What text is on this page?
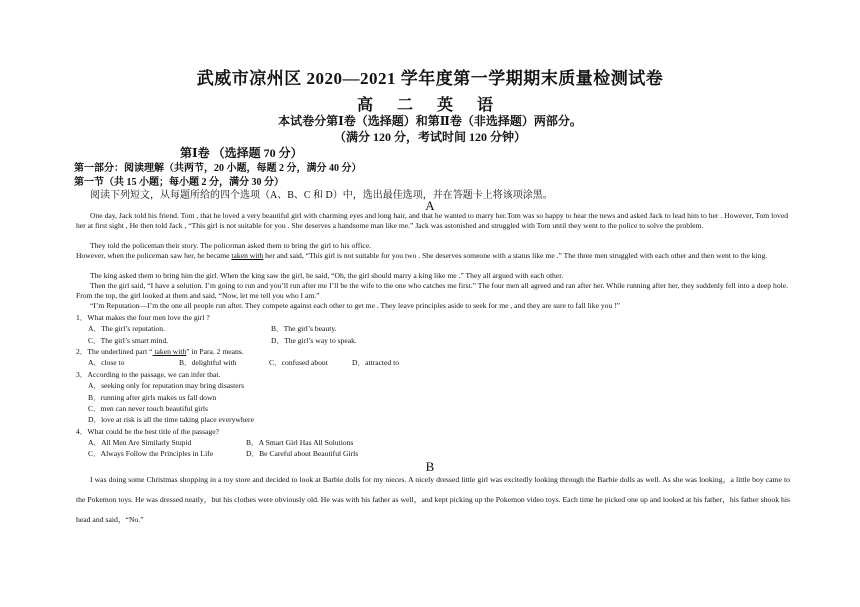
武威市凉州区 2020—2021 学年度第一学期期末质量检测试卷
高 二 英 语
本试卷分第Ⅰ卷（选择题）和第Ⅱ卷（非选择题）两部分。
（满分 120 分，考试时间 120 分钟）
第Ⅰ卷 （选择题 70 分）
第一部分：阅读理解（共两节，20 小题，每题 2 分，满分 40 分）
第一节（共 15 小题；每小题 2 分，满分 30 分）
阅读下列短文，从每题所给的四个选项（A、B、C 和 D）中，选出最佳选项，并在答题卡上将该项涂黑。
A
One day, Jack told his friend. Tom , that he loved a very beautiful girl with charming eyes and long hair, and that he wanted to marry her.Tom was so happy to hear the news and asked Jack to lead him to her . However, Tom loved her at first sight , He then told Jack , “This girl is not suitable for you . She deserves a handsome man like me.” Jack was astonished and struggled with Tom until they went to the police to solve the problem.
They told the policeman their story. The policeman asked them to bring the girl to his office.
However, when the policeman saw her, he became taken with her and said, “This girl is not suitable for you two . She deserves someone with a status like me .” The three men struggled with each other and then went to the king.
The king asked them to bring him the girl. When the king saw the girl, he said, “Oh, the girl should marry a king like me .” They all argued with each other.
Then the girl said, “I have a solution. I’m going to run and you’ll run after me I’ll be the wife to the one who catches me first.” The four men all agreed and ran after her. While running after her, they suddenly fell into a deep hole. From the top, the girl looked at them and said, “Now, let me tell you who I am.”
“I’m Reputation—I’m the one all people run after. They compete against each other to get me . They leave principles aside to seek for me , and they are sure to fall like you !”
1．What makes the four men love the girl ?
A．The girl’s reputation.	B．The girl’s beauty.
C．The girl’s smart mind.	D．The girl’s way to speak.
2．The underlined part “ taken with” in Para. 2 means.
A．close to	B．delightful with	C．confused about	D．attracted to
3．According to the passage, we can infer that.
A．seeking only for reputation may bring disasters
B．running after girls makes us fall down
C．men can never touch beautiful girls
D．love at risk is all the time taking place everywhere
4．What could be the best title of the passage?
A．All Men Are Similarly Stupid	B．A Smart Girl Has All Solutions
C．Always Follow the Principles in Life	D．Be Careful about Beautiful Girls
B
I was doing some Christmas shopping in a toy store and decided to look at Barbie dolls for my nieces. A nicely dressed little girl was excitedly looking through the Barbie dolls as well. As she was looking，a little boy came to the Pokemon toys. He was dressed neatly，but his clothes were obviously old. He was with his father as well，and kept picking up the Pokemon video toys. Each time he picked one up and looked at his father，his father shook his head and said，“No.”
